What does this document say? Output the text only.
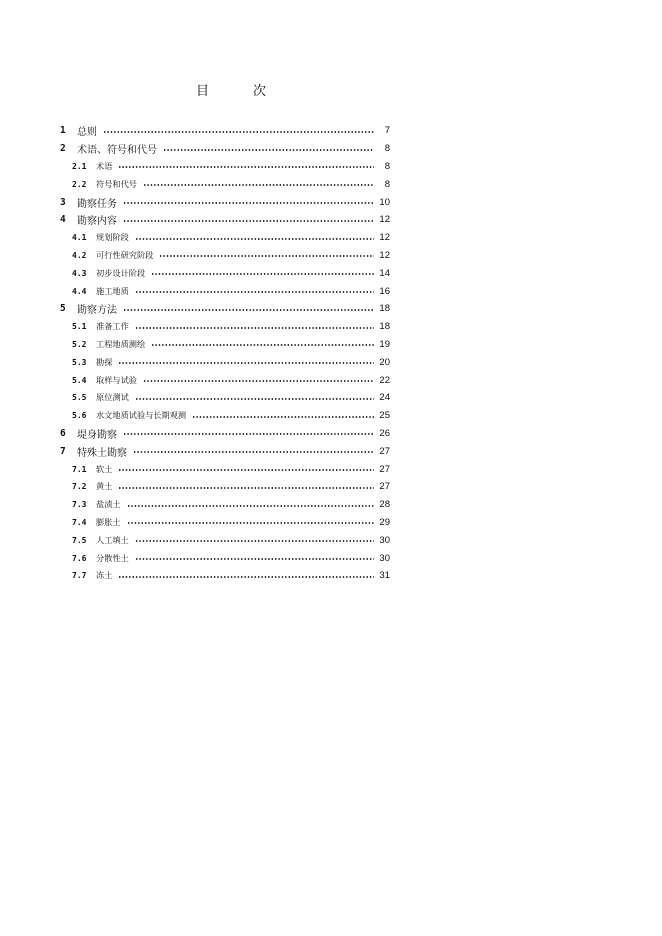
目	次
1	总则	7
2	术语、符号和代号	8
2.1	术语	8
2.2	符号和代号	8
3	勘察任务	10
4	勘察内容	12
4.1	规划阶段	12
4.2	可行性研究阶段	12
4.3	初步设计阶段	14
4.4	施工地质	16
5	勘察方法	18
5.1	准备工作	18
5.2	工程地质测绘	19
5.3	勘探	20
5.4	取样与试验	22
5.5	原位测试	24
5.6	水文地质试验与长期观测	25
6	堤身勘察	26
7	特殊土勘察	27
7.1	软土	27
7.2	黄土	27
7.3	盐渍土	28
7.4	膨胀土	29
7.5	人工填土	30
7.6	分散性土	30
7.7	冻土	31
